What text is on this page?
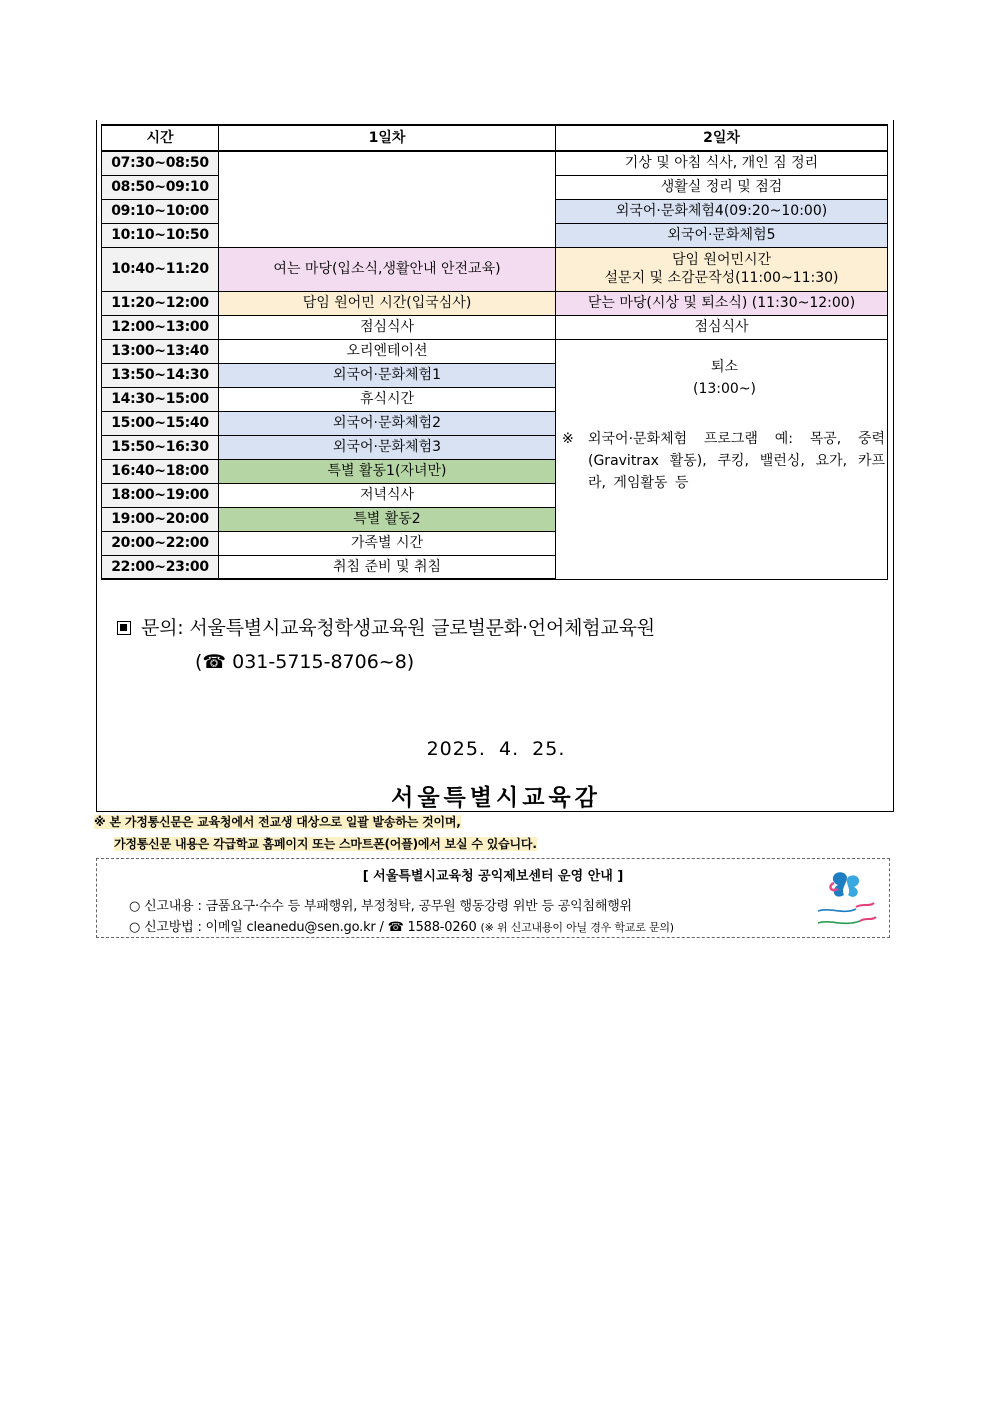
시간	1일차	2일차
07:30~08:50		기상 및 아침 식사, 개인 짐 정리
08:50~09:10		생활실 정리 및 점검
09:10~10:00		외국어·문화체험4(09:20~10:00)
10:10~10:50		외국어·문화체험5
10:40~11:20	여는 마당(입소식,생활안내 안전교육)	담임 원어민시간
설문지 및 소감문작성(11:00~11:30)

11:20~12:00	담임 원어민 시간(입국심사)	닫는 마당(시상 및 퇴소식) (11:30~12:00)
12:00~13:00	점심식사	점심식사
13:00~13:40	오리엔테이션	퇴소
(13:00~)
※ 외국어·문화체험 프로그램 예: 목공, 중력(Gravitrax 활동), 쿠킹, 밸런싱, 요가, 카프라, 게임활동 등

13:50~14:30	외국어·문화체험1	
14:30~15:00	휴식시간	
15:00~15:40	외국어·문화체험2	
15:50~16:30	외국어·문화체험3	
16:40~18:00	특별 활동1(자녀만)	
18:00~19:00	저녁식사	
19:00~20:00	특별 활동2	
20:00~22:00	가족별 시간	
22:00~23:00	취침 준비 및 취침	
문의: 서울특별시교육청학생교육원 글로벌문화·언어체험교육원
(☎ 031-5715-8706~8)
2025. 4. 25.
서울특별시교육감
※ 본 가정통신문은 교육청에서 전교생 대상으로 일괄 발송하는 것이며,
가정통신문 내용은 각급학교 홈페이지 또는 스마트폰(어플)에서 보실 수 있습니다.
[ 서울특별시교육청 공익제보센터 운영 안내 ]
○ 신고내용 : 금품요구·수수 등 부패행위, 부정청탁, 공무원 행동강령 위반 등 공익침해행위
○ 신고방법 : 이메일 cleanedu@sen.go.kr / ☎ 1588-0260 (※ 위 신고내용이 아닐 경우 학교로 문의)
